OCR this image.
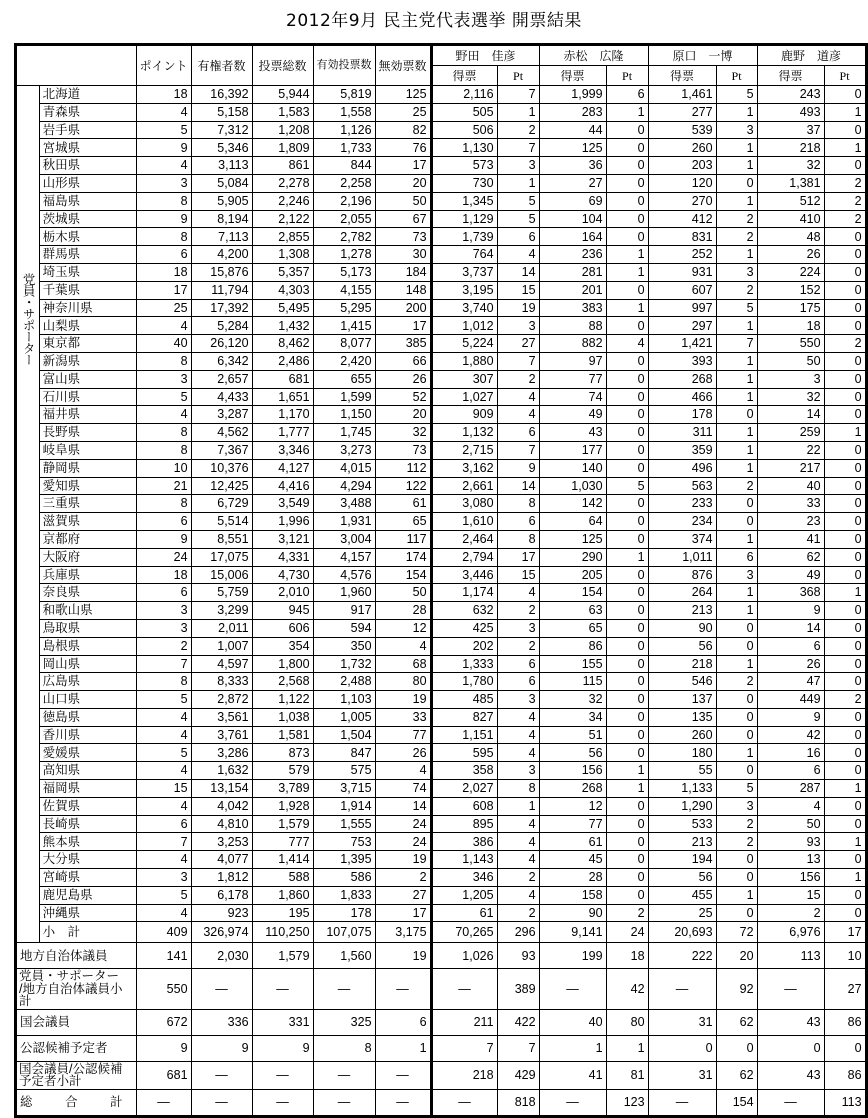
2012年9月 民主党代表選挙 開票結果
		ポイント	有権者数	投票総数	有効投票数	無効票数	野田　佳彦		赤松　広隆		原口　一博		鹿野　道彦	
							得票	Pt	得票	Pt	得票	Pt	得票	Pt

党員・サポーター	北海道	18	16,392	5,944	5,819	125	2,116	7	1,999	6	1,461	5	243	0
	青森県	4	5,158	1,583	1,558	25	505	1	283	1	277	1	493	1
	岩手県	5	7,312	1,208	1,126	82	506	2	44	0	539	3	37	0
	宮城県	9	5,346	1,809	1,733	76	1,130	7	125	0	260	1	218	1
	秋田県	4	3,113	861	844	17	573	3	36	0	203	1	32	0
	山形県	3	5,084	2,278	2,258	20	730	1	27	0	120	0	1,381	2
	福島県	8	5,905	2,246	2,196	50	1,345	5	69	0	270	1	512	2
	茨城県	9	8,194	2,122	2,055	67	1,129	5	104	0	412	2	410	2
	栃木県	8	7,113	2,855	2,782	73	1,739	6	164	0	831	2	48	0
	群馬県	6	4,200	1,308	1,278	30	764	4	236	1	252	1	26	0
	埼玉県	18	15,876	5,357	5,173	184	3,737	14	281	1	931	3	224	0
	千葉県	17	11,794	4,303	4,155	148	3,195	15	201	0	607	2	152	0
	神奈川県	25	17,392	5,495	5,295	200	3,740	19	383	1	997	5	175	0
	山梨県	4	5,284	1,432	1,415	17	1,012	3	88	0	297	1	18	0
	東京都	40	26,120	8,462	8,077	385	5,224	27	882	4	1,421	7	550	2
	新潟県	8	6,342	2,486	2,420	66	1,880	7	97	0	393	1	50	0
	富山県	3	2,657	681	655	26	307	2	77	0	268	1	3	0
	石川県	5	4,433	1,651	1,599	52	1,027	4	74	0	466	1	32	0
	福井県	4	3,287	1,170	1,150	20	909	4	49	0	178	0	14	0
	長野県	8	4,562	1,777	1,745	32	1,132	6	43	0	311	1	259	1
	岐阜県	8	7,367	3,346	3,273	73	2,715	7	177	0	359	1	22	0
	静岡県	10	10,376	4,127	4,015	112	3,162	9	140	0	496	1	217	0
	愛知県	21	12,425	4,416	4,294	122	2,661	14	1,030	5	563	2	40	0
	三重県	8	6,729	3,549	3,488	61	3,080	8	142	0	233	0	33	0
	滋賀県	6	5,514	1,996	1,931	65	1,610	6	64	0	234	0	23	0
	京都府	9	8,551	3,121	3,004	117	2,464	8	125	0	374	1	41	0
	大阪府	24	17,075	4,331	4,157	174	2,794	17	290	1	1,011	6	62	0
	兵庫県	18	15,006	4,730	4,576	154	3,446	15	205	0	876	3	49	0
	奈良県	6	5,759	2,010	1,960	50	1,174	4	154	0	264	1	368	1
	和歌山県	3	3,299	945	917	28	632	2	63	0	213	1	9	0
	鳥取県	3	2,011	606	594	12	425	3	65	0	90	0	14	0
	島根県	2	1,007	354	350	4	202	2	86	0	56	0	6	0
	岡山県	7	4,597	1,800	1,732	68	1,333	6	155	0	218	1	26	0
	広島県	8	8,333	2,568	2,488	80	1,780	6	115	0	546	2	47	0
	山口県	5	2,872	1,122	1,103	19	485	3	32	0	137	0	449	2
	徳島県	4	3,561	1,038	1,005	33	827	4	34	0	135	0	9	0
	香川県	4	3,761	1,581	1,504	77	1,151	4	51	0	260	0	42	0
	愛媛県	5	3,286	873	847	26	595	4	56	0	180	1	16	0
	高知県	4	1,632	579	575	4	358	3	156	1	55	0	6	0
	福岡県	15	13,154	3,789	3,715	74	2,027	8	268	1	1,133	5	287	1
	佐賀県	4	4,042	1,928	1,914	14	608	1	12	0	1,290	3	4	0
	長崎県	6	4,810	1,579	1,555	24	895	4	77	0	533	2	50	0
	熊本県	7	3,253	777	753	24	386	4	61	0	213	2	93	1
	大分県	4	4,077	1,414	1,395	19	1,143	4	45	0	194	0	13	0
	宮崎県	3	1,812	588	586	2	346	2	28	0	56	0	156	1
	鹿児島県	5	6,178	1,860	1,833	27	1,205	4	158	0	455	1	15	0
	沖縄県	4	923	195	178	17	61	2	90	2	25	0	2	0
	小　計	409	326,974	110,250	107,075	3,175	70,265	296	9,141	24	20,693	72	6,976	17
地方自治体議員		141	2,030	1,579	1,560	19	1,026	93	199	18	222	20	113	10
党員・サポーター
/地方自治体議員小計		550	—	—	—	—	—	389	—	42	—	92	—	27
国会議員		672	336	331	325	6	211	422	40	80	31	62	43	86
公認候補予定者		9	9	9	8	1	7	7	1	1	0	0	0	0
国会議員/公認候補予定者小計		681	—	—	—	—	218	429	41	81	31	62	43	86
総　合　計		—	—	—	—	—	—	818	—	123	—	154	—	113
